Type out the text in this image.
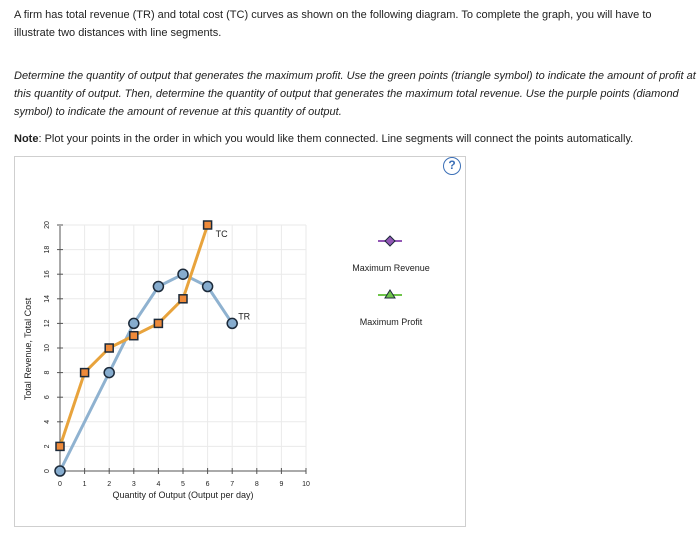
A firm has total revenue (TR) and total cost (TC) curves as shown on the following diagram. To complete the graph, you will have to illustrate two distances with line segments.

Determine the quantity of output that generates the maximum profit. Use the green points (triangle symbol) to indicate the amount of profit at this quantity of output. Then, determine the quantity of output that generates the maximum total revenue. Use the purple points (diamond symbol) to indicate the amount of revenue at this quantity of output.

Note: Plot your points in the order in which you would like them connected. Line segments will connect the points automatically.

?
0
2
4
6
8
10
12
14
16
18
20
0	1	2	3	4	5	6	7	8	9	10
Quantity of Output (Output per day)
Total Revenue, Total Cost
TC
TR
Maximum Revenue
Maximum Profit
